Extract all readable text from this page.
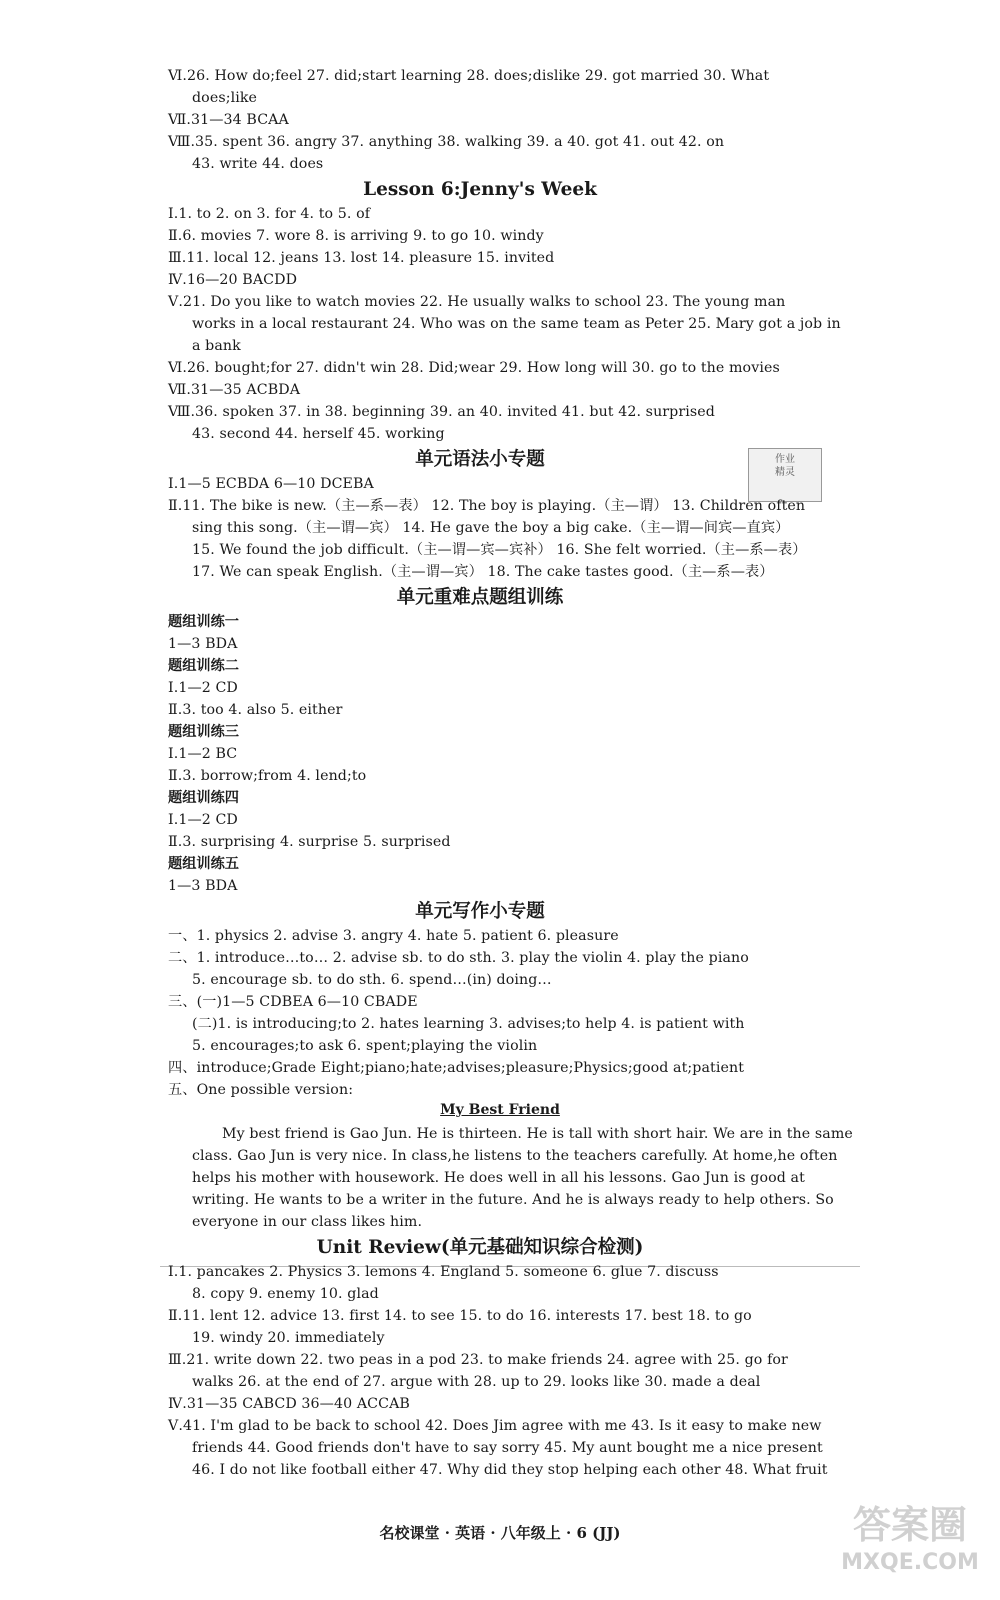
Ⅵ.26. How do;feel 27. did;start learning 28. does;dislike 29. got married 30. What
does;like
Ⅶ.31—34 BCAA
Ⅷ.35. spent 36. angry 37. anything 38. walking 39. a 40. got 41. out 42. on
43. write 44. does
Lesson 6:Jenny's Week
Ⅰ.1. to 2. on 3. for 4. to 5. of
Ⅱ.6. movies 7. wore 8. is arriving 9. to go 10. windy
Ⅲ.11. local 12. jeans 13. lost 14. pleasure 15. invited
Ⅳ.16—20 BACDD
Ⅴ.21. Do you like to watch movies 22. He usually walks to school 23. The young man
works in a local restaurant 24. Who was on the same team as Peter 25. Mary got a job in
a bank
Ⅵ.26. bought;for 27. didn't win 28. Did;wear 29. How long will 30. go to the movies
Ⅶ.31—35 ACBDA
Ⅷ.36. spoken 37. in 38. beginning 39. an 40. invited 41. but 42. surprised
43. second 44. herself 45. working
作业
精灵
单元语法小专题
Ⅰ.1—5 ECBDA 6—10 DCEBA
Ⅱ.11. The bike is new.（主—系—表） 12. The boy is playing.（主—谓） 13. Children often
sing this song.（主—谓—宾） 14. He gave the boy a big cake.（主—谓—间宾—直宾）
15. We found the job difficult.（主—谓—宾—宾补） 16. She felt worried.（主—系—表）
17. We can speak English.（主—谓—宾） 18. The cake tastes good.（主—系—表）
单元重难点题组训练
题组训练一
1—3 BDA
题组训练二
Ⅰ.1—2 CD
Ⅱ.3. too 4. also 5. either
题组训练三
Ⅰ.1—2 BC
Ⅱ.3. borrow;from 4. lend;to
题组训练四
Ⅰ.1—2 CD
Ⅱ.3. surprising 4. surprise 5. surprised
题组训练五
1—3 BDA
单元写作小专题
一、1. physics 2. advise 3. angry 4. hate 5. patient 6. pleasure
二、1. introduce…to… 2. advise sb. to do sth. 3. play the violin 4. play the piano
5. encourage sb. to do sth. 6. spend…(in) doing…
三、(一)1—5 CDBEA 6—10 CBADE
(二)1. is introducing;to 2. hates learning 3. advises;to help 4. is patient with
5. encourages;to ask 6. spent;playing the violin
四、introduce;Grade Eight;piano;hate;advises;pleasure;Physics;good at;patient
五、One possible version:
My Best Friend
My best friend is Gao Jun. He is thirteen. He is tall with short hair. We are in the same
class. Gao Jun is very nice. In class,he listens to the teachers carefully. At home,he often
helps his mother with housework. He does well in all his lessons. Gao Jun is good at
writing. He wants to be a writer in the future. And he is always ready to help others. So
everyone in our class likes him.
Unit Review(单元基础知识综合检测)
Ⅰ.1. pancakes 2. Physics 3. lemons 4. England 5. someone 6. glue 7. discuss
8. copy 9. enemy 10. glad
Ⅱ.11. lent 12. advice 13. first 14. to see 15. to do 16. interests 17. best 18. to go
19. windy 20. immediately
Ⅲ.21. write down 22. two peas in a pod 23. to make friends 24. agree with 25. go for
walks 26. at the end of 27. argue with 28. up to 29. looks like 30. made a deal
Ⅳ.31—35 CABCD 36—40 ACCAB
Ⅴ.41. I'm glad to be back to school 42. Does Jim agree with me 43. Is it easy to make new
friends 44. Good friends don't have to say sorry 45. My aunt bought me a nice present
46. I do not like football either 47. Why did they stop helping each other 48. What fruit
名校课堂 · 英语 · 八年级上 · 6 (JJ)	答案圈
MXQE.COM
